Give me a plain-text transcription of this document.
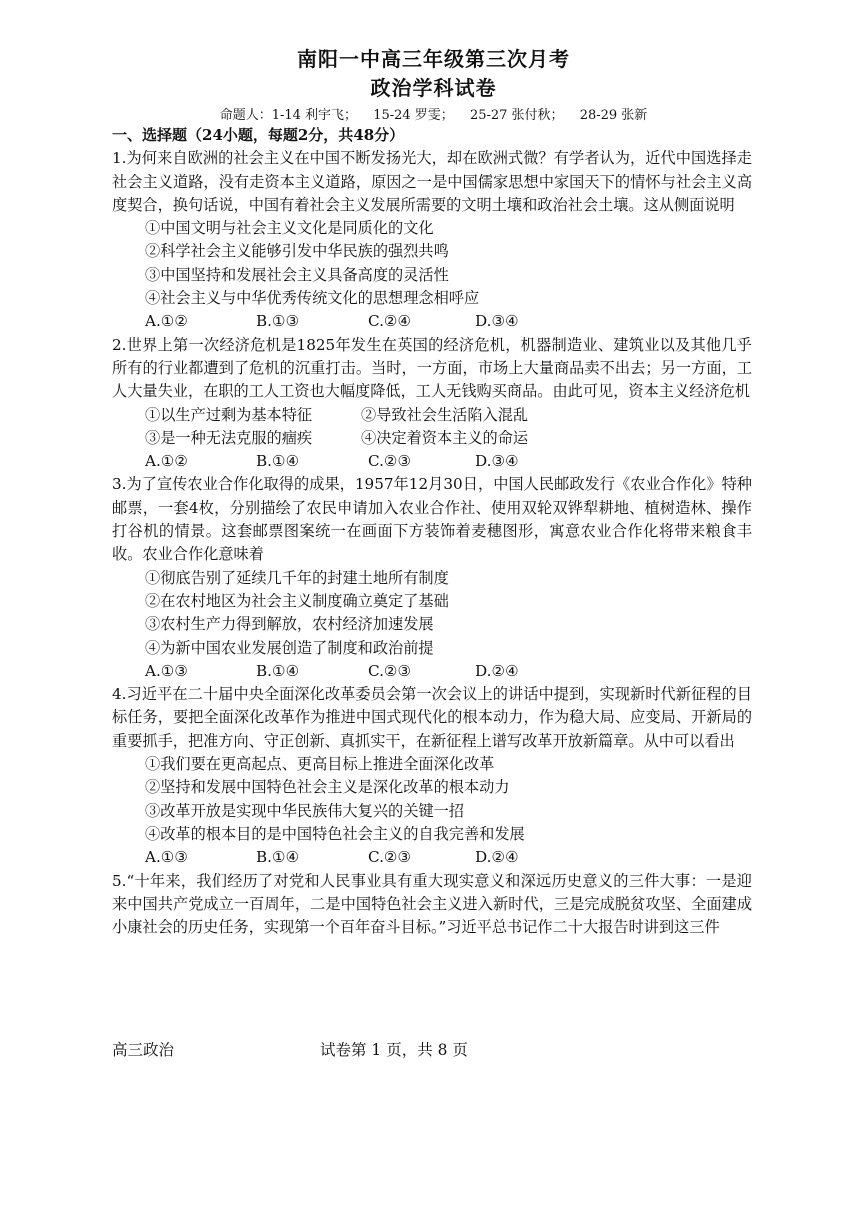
南阳一中高三年级第三次月考
政治学科试卷
命题人：1-14 利宇飞； 15-24 罗雯； 25-27 张付秋； 28-29 张新

一、选择题（24小题，每题2分，共48分）

1.为何来自欧洲的社会主义在中国不断发扬光大，却在欧洲式微？有学者认为，近代中国选择走社会主义道路，没有走资本主义道路，原因之一是中国儒家思想中家国天下的情怀与社会主义高度契合，换句话说，中国有着社会主义发展所需要的文明土壤和政治社会土壤。这从侧面说明

①中国文明与社会主义文化是同质化的文化

②科学社会主义能够引发中华民族的强烈共鸣

③中国坚持和发展社会主义具备高度的灵活性

④社会主义与中华优秀传统文化的思想理念相呼应

A.①②	B.①③	C.②④	D.③④

2.世界上第一次经济危机是1825年发生在英国的经济危机，机器制造业、建筑业以及其他几乎所有的行业都遭到了危机的沉重打击。当时，一方面，市场上大量商品卖不出去；另一方面，工人大量失业，在职的工人工资也大幅度降低，工人无钱购买商品。由此可见，资本主义经济危机

①以生产过剩为基本特征	②导致社会生活陷入混乱

③是一种无法克服的痼疾	④决定着资本主义的命运

A.①②	B.①④	C.②③	D.③④

3.为了宣传农业合作化取得的成果，1957年12月30日，中国人民邮政发行《农业合作化》特种邮票，一套4枚，分别描绘了农民申请加入农业合作社、使用双轮双铧犁耕地、植树造林、操作打谷机的情景。这套邮票图案统一在画面下方装饰着麦穗图形，寓意农业合作化将带来粮食丰收。农业合作化意味着

①彻底告别了延续几千年的封建土地所有制度

②在农村地区为社会主义制度确立奠定了基础

③农村生产力得到解放，农村经济加速发展

④为新中国农业发展创造了制度和政治前提

A.①③	B.①④	C.②③	D.②④

4.习近平在二十届中央全面深化改革委员会第一次会议上的讲话中提到，实现新时代新征程的目标任务，要把全面深化改革作为推进中国式现代化的根本动力，作为稳大局、应变局、开新局的重要抓手，把准方向、守正创新、真抓实干，在新征程上谱写改革开放新篇章。从中可以看出

①我们要在更高起点、更高目标上推进全面深化改革

②坚持和发展中国特色社会主义是深化改革的根本动力

③改革开放是实现中华民族伟大复兴的关键一招

④改革的根本目的是中国特色社会主义的自我完善和发展

A.①③	B.①④	C.②③	D.②④

5.“十年来，我们经历了对党和人民事业具有重大现实意义和深远历史意义的三件大事：一是迎来中国共产党成立一百周年，二是中国特色社会主义进入新时代，三是完成脱贫攻坚、全面建成小康社会的历史任务，实现第一个百年奋斗目标。”习近平总书记作二十大报告时讲到这三件

高三政治	试卷第 1 页，共 8 页
